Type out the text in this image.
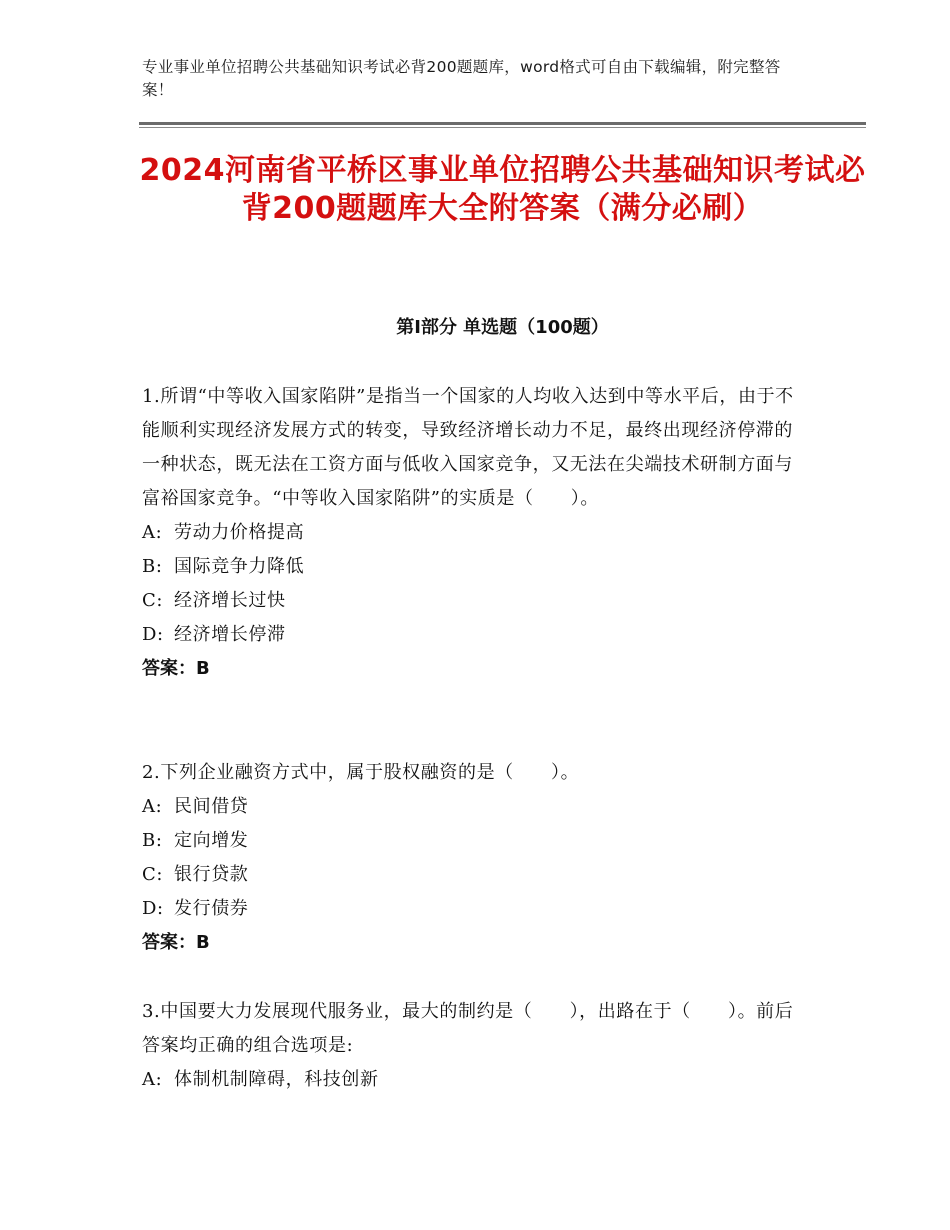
专业事业单位招聘公共基础知识考试必背200题题库，word格式可自由下载编辑，附完整答案！
2024河南省平桥区事业单位招聘公共基础知识考试必背200题题库大全附答案（满分必刷）
第Ⅰ部分 单选题（100题）
1.所谓“中等收入国家陷阱”是指当一个国家的人均收入达到中等水平后，由于不能顺利实现经济发展方式的转变，导致经济增长动力不足，最终出现经济停滞的一种状态，既无法在工资方面与低收入国家竞争，又无法在尖端技术研制方面与富裕国家竞争。“中等收入国家陷阱”的实质是（　　）。
A: 劳动力价格提高
B: 国际竞争力降低
C: 经济增长过快
D: 经济增长停滞
答案：B
2.下列企业融资方式中，属于股权融资的是（　　）。
A: 民间借贷
B: 定向增发
C: 银行贷款
D: 发行债券
答案：B
3.中国要大力发展现代服务业，最大的制约是（　　），出路在于（　　）。前后答案均正确的组合选项是:
A: 体制机制障碍，科技创新
